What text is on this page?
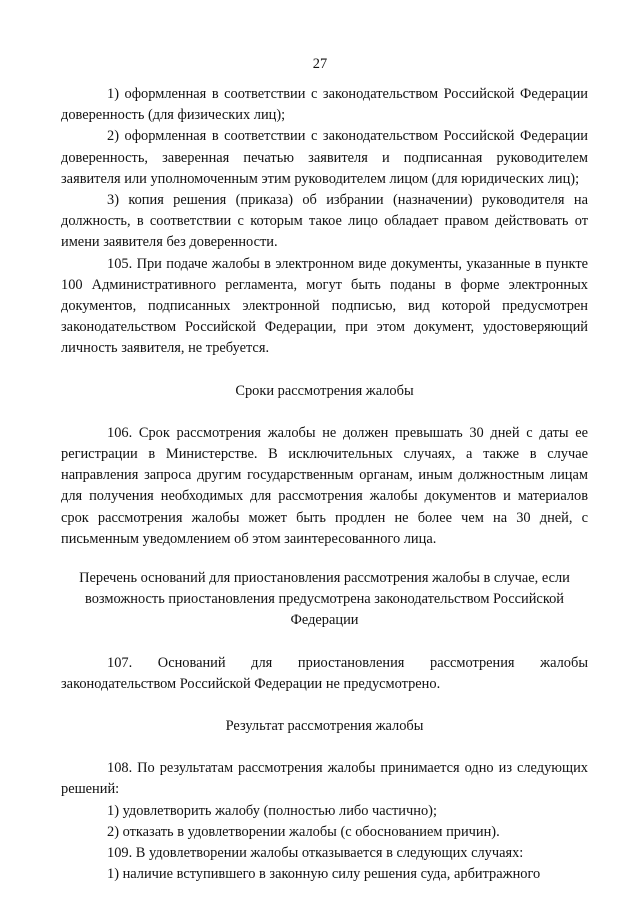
27

1) оформленная в соответствии с законодательством Российской Федерации доверенность (для физических лиц);

2) оформленная в соответствии с законодательством Российской Федерации доверенность, заверенная печатью заявителя и подписанная руководителем заявителя или уполномоченным этим руководителем лицом (для юридических лиц);

3) копия решения (приказа) об избрании (назначении) руководителя на должность, в соответствии с которым такое лицо обладает правом действовать от имени заявителя без доверенности.

105. При подаче жалобы в электронном виде документы, указанные в пункте 100 Административного регламента, могут быть поданы в форме электронных документов, подписанных электронной подписью, вид которой предусмотрен законодательством Российской Федерации, при этом документ, удостоверяющий личность заявителя, не требуется.

Сроки рассмотрения жалобы

106. Срок рассмотрения жалобы не должен превышать 30 дней с даты ее регистрации в Министерстве. В исключительных случаях, а также в случае направления запроса другим государственным органам, иным должностным лицам для получения необходимых для рассмотрения жалобы документов и материалов срок рассмотрения жалобы может быть продлен не более чем на 30 дней, с письменным уведомлением об этом заинтересованного лица.

Перечень оснований для приостановления рассмотрения жалобы в случае, если возможность приостановления предусмотрена законодательством Российской Федерации

107. Оснований для приостановления рассмотрения жалобы законодательством Российской Федерации не предусмотрено.

Результат рассмотрения жалобы

108. По результатам рассмотрения жалобы принимается одно из следующих решений:

1) удовлетворить жалобу (полностью либо частично);

2) отказать в удовлетворении жалобы (с обоснованием причин).

109. В удовлетворении жалобы отказывается в следующих случаях:

1) наличие вступившего в законную силу решения суда, арбитражного
